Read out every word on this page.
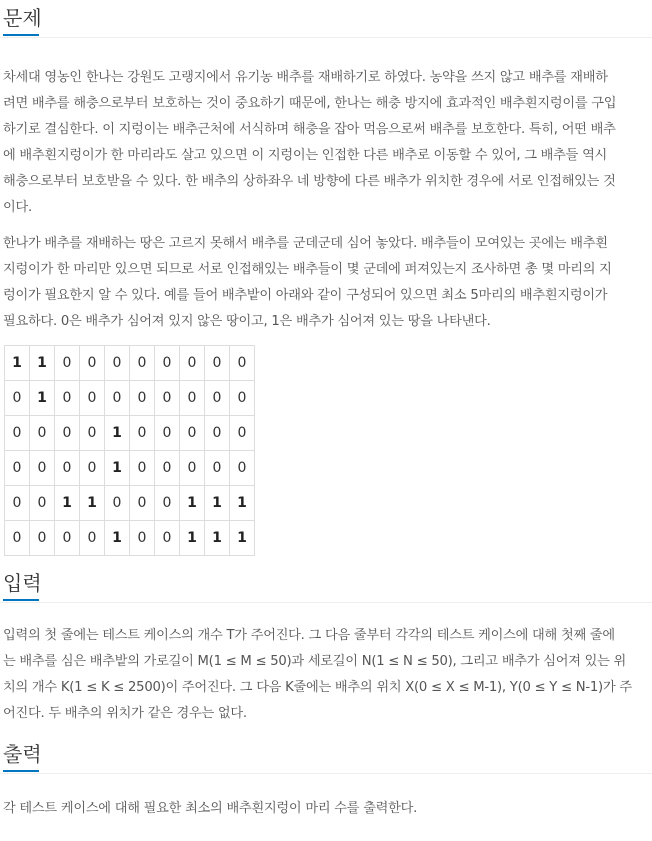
문제
차세대 영농인 한나는 강원도 고랭지에서 유기농 배추를 재배하기로 하였다. 농약을 쓰지 않고 배추를 재배하
려면 배추를 해충으로부터 보호하는 것이 중요하기 때문에, 한나는 해충 방지에 효과적인 배추흰지렁이를 구입
하기로 결심한다. 이 지렁이는 배추근처에 서식하며 해충을 잡아 먹음으로써 배추를 보호한다. 특히, 어떤 배추
에 배추흰지렁이가 한 마리라도 살고 있으면 이 지렁이는 인접한 다른 배추로 이동할 수 있어, 그 배추들 역시
해충으로부터 보호받을 수 있다. 한 배추의 상하좌우 네 방향에 다른 배추가 위치한 경우에 서로 인접해있는 것
이다.
한나가 배추를 재배하는 땅은 고르지 못해서 배추를 군데군데 심어 놓았다. 배추들이 모여있는 곳에는 배추흰
지렁이가 한 마리만 있으면 되므로 서로 인접해있는 배추들이 몇 군데에 퍼져있는지 조사하면 총 몇 마리의 지
렁이가 필요한지 알 수 있다. 예를 들어 배추밭이 아래와 같이 구성되어 있으면 최소 5마리의 배추흰지렁이가
필요하다. 0은 배추가 심어져 있지 않은 땅이고, 1은 배추가 심어져 있는 땅을 나타낸다.
1	1	0	0	0	0	0	0	0	0
0	1	0	0	0	0	0	0	0	0
0	0	0	0	1	0	0	0	0	0
0	0	0	0	1	0	0	0	0	0
0	0	1	1	0	0	0	1	1	1
0	0	0	0	1	0	0	1	1	1
입력
입력의 첫 줄에는 테스트 케이스의 개수 T가 주어진다. 그 다음 줄부터 각각의 테스트 케이스에 대해 첫째 줄에
는 배추를 심은 배추밭의 가로길이 M(1 ≤ M ≤ 50)과 세로길이 N(1 ≤ N ≤ 50), 그리고 배추가 심어져 있는 위
치의 개수 K(1 ≤ K ≤ 2500)이 주어진다. 그 다음 K줄에는 배추의 위치 X(0 ≤ X ≤ M-1), Y(0 ≤ Y ≤ N-1)가 주
어진다. 두 배추의 위치가 같은 경우는 없다.
출력
각 테스트 케이스에 대해 필요한 최소의 배추흰지렁이 마리 수를 출력한다.
